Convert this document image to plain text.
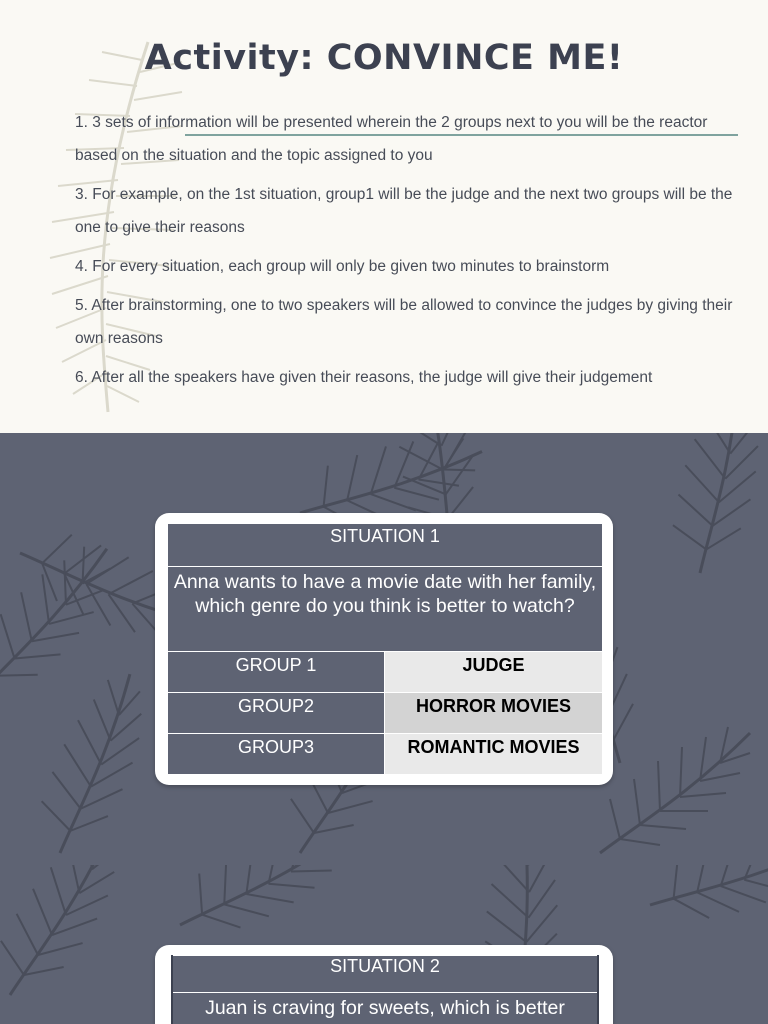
Activity: CONVINCE ME!

1. 3 sets of information will be presented wherein the 2 groups next to you will be the reactor based on the situation and the topic assigned to you

3. For example, on the 1st situation, group1 will be the judge and the next two groups will be the one to give their reasons

4. For every situation, each group will only be given two minutes to brainstorm

5. After brainstorming, one to two speakers will be allowed to convince the judges by giving their own reasons

6. After all the speakers have given their reasons, the judge will give their judgement

SITUATION 1	
Anna wants to have a movie date with her family, which genre do you think is better to watch?	
GROUP 1	JUDGE
GROUP2	HORROR MOVIES
GROUP3	ROMANTIC MOVIES
SITUATION 2
Juan is craving for sweets, which is better
